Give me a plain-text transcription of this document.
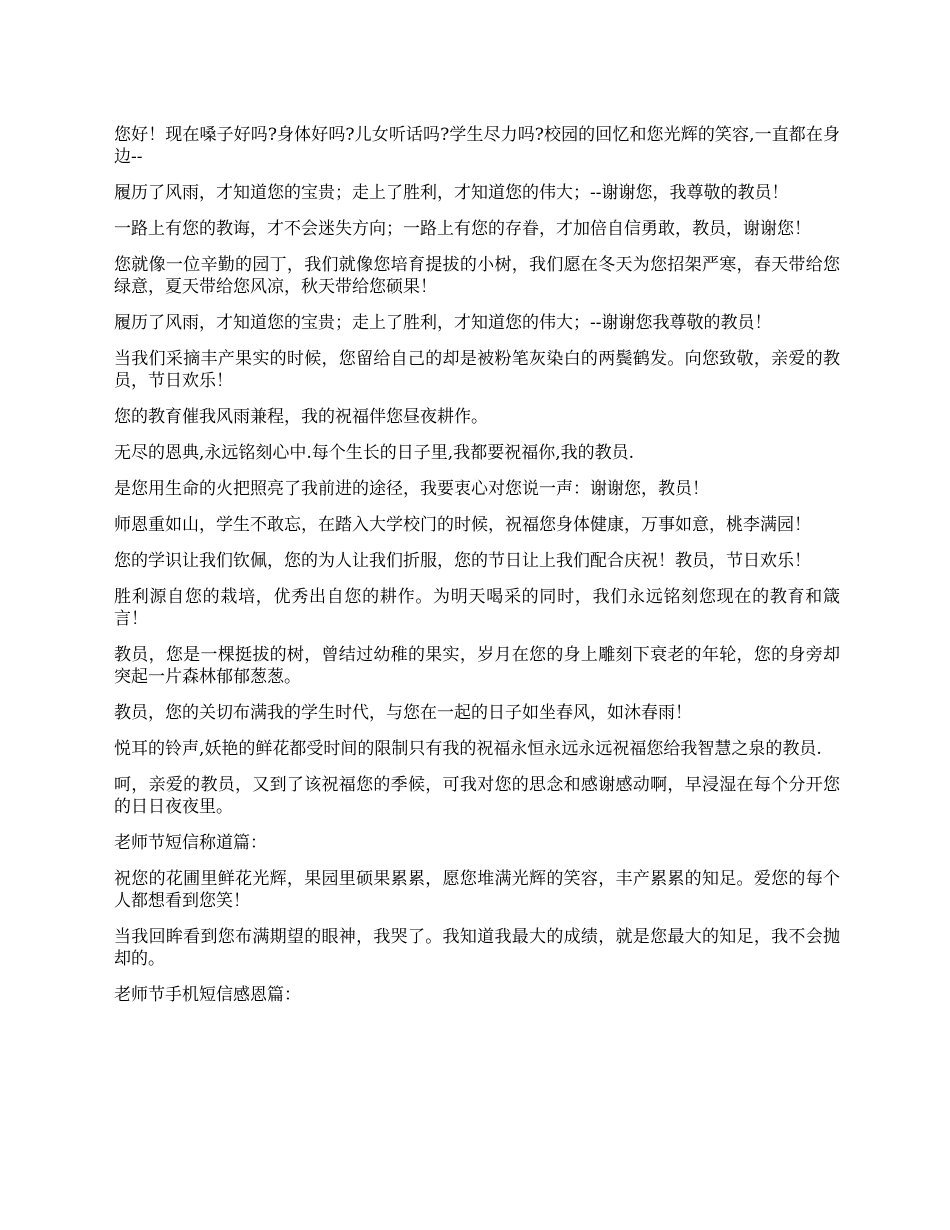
您好！现在嗓子好吗?身体好吗?儿女听话吗?学生尽力吗?校园的回忆和您光辉的笑容,一直都在身边--

履历了风雨，才知道您的宝贵；走上了胜利，才知道您的伟大；--谢谢您，我尊敬的教员！

一路上有您的教诲，才不会迷失方向；一路上有您的存眷，才加倍自信勇敢，教员，谢谢您！

您就像一位辛勤的园丁，我们就像您培育提拔的小树，我们愿在冬天为您招架严寒，春天带给您绿意，夏天带给您风凉，秋天带给您硕果！

履历了风雨，才知道您的宝贵；走上了胜利，才知道您的伟大；--谢谢您我尊敬的教员！

当我们采摘丰产果实的时候，您留给自己的却是被粉笔灰染白的两鬓鹤发。向您致敬，亲爱的教员，节日欢乐！

您的教育催我风雨兼程，我的祝福伴您昼夜耕作。

无尽的恩典,永远铭刻心中.每个生长的日子里,我都要祝福你,我的教员.

是您用生命的火把照亮了我前进的途径，我要衷心对您说一声：谢谢您，教员！

师恩重如山，学生不敢忘，在踏入大学校门的时候，祝福您身体健康，万事如意，桃李满园！

您的学识让我们钦佩，您的为人让我们折服，您的节日让上我们配合庆祝！教员，节日欢乐！

胜利源自您的栽培，优秀出自您的耕作。为明天喝采的同时，我们永远铭刻您现在的教育和箴言！

教员，您是一棵挺拔的树，曾结过幼稚的果实，岁月在您的身上雕刻下衰老的年轮，您的身旁却突起一片森林郁郁葱葱。

教员，您的关切布满我的学生时代，与您在一起的日子如坐春风，如沐春雨！

悦耳的铃声,妖艳的鲜花都受时间的限制只有我的祝福永恒永远永远祝福您给我智慧之泉的教员.

呵，亲爱的教员，又到了该祝福您的季候，可我对您的思念和感谢感动啊，早浸湿在每个分开您的日日夜夜里。

老师节短信称道篇：

祝您的花圃里鲜花光辉，果园里硕果累累，愿您堆满光辉的笑容，丰产累累的知足。爱您的每个人都想看到您笑！

当我回眸看到您布满期望的眼神，我哭了。我知道我最大的成绩，就是您最大的知足，我不会抛却的。

老师节手机短信感恩篇：
